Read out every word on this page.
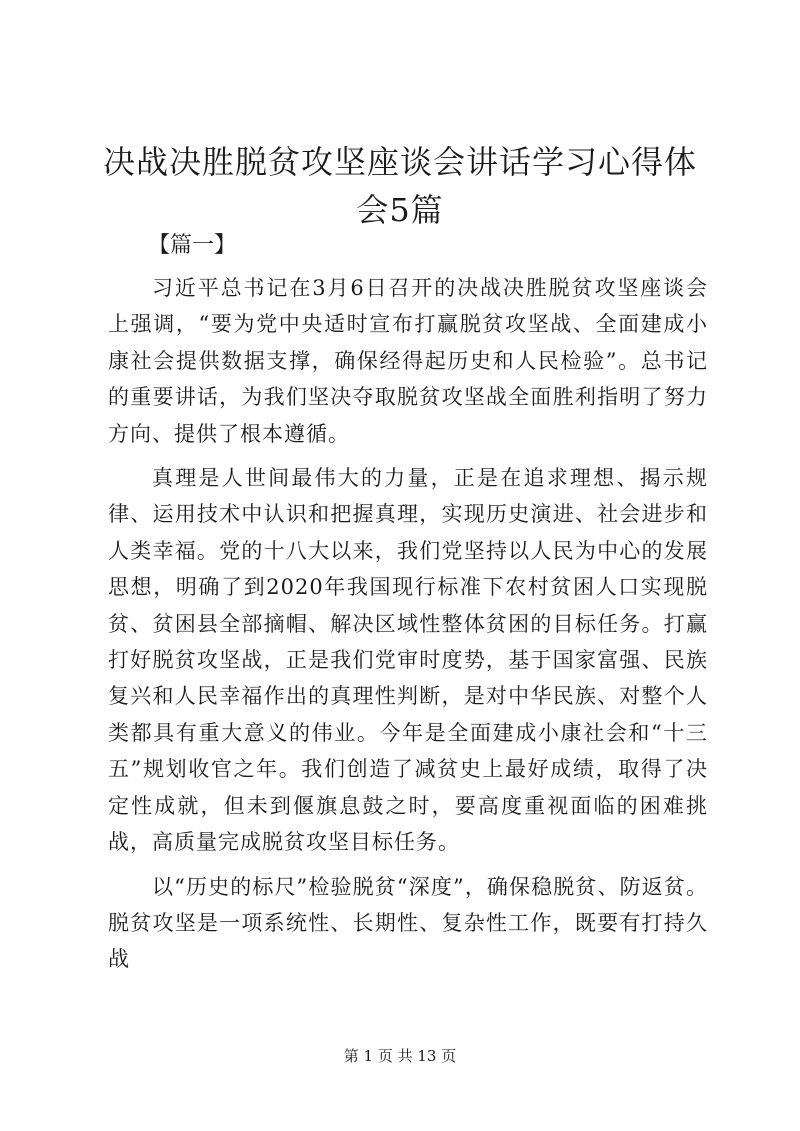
决战决胜脱贫攻坚座谈会讲话学习心得体会5篇
【篇一】

习近平总书记在3月6日召开的决战决胜脱贫攻坚座谈会上强调，“要为党中央适时宣布打赢脱贫攻坚战、全面建成小康社会提供数据支撑，确保经得起历史和人民检验”。总书记的重要讲话，为我们坚决夺取脱贫攻坚战全面胜利指明了努力方向、提供了根本遵循。

真理是人世间最伟大的力量，正是在追求理想、揭示规律、运用技术中认识和把握真理，实现历史演进、社会进步和人类幸福。党的十八大以来，我们党坚持以人民为中心的发展思想，明确了到2020年我国现行标准下农村贫困人口实现脱贫、贫困县全部摘帽、解决区域性整体贫困的目标任务。打赢打好脱贫攻坚战，正是我们党审时度势，基于国家富强、民族复兴和人民幸福作出的真理性判断，是对中华民族、对整个人类都具有重大意义的伟业。今年是全面建成小康社会和“十三五”规划收官之年。我们创造了减贫史上最好成绩，取得了决定性成就，但未到偃旗息鼓之时，要高度重视面临的困难挑战，高质量完成脱贫攻坚目标任务。

以“历史的标尺”检验脱贫“深度”，确保稳脱贫、防返贫。脱贫攻坚是一项系统性、长期性、复杂性工作，既要有打持久战

第 1 页 共 13 页
